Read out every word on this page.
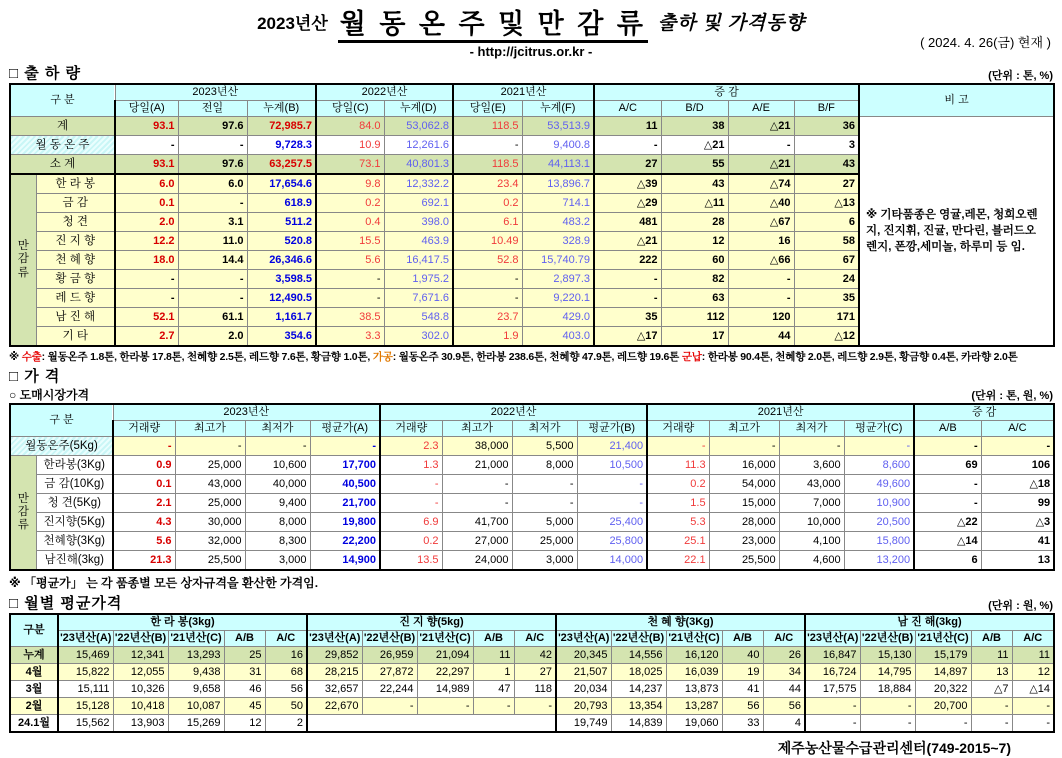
2023년산 월 동 온 주 및 만 감 류 출하 및 가격동향
- http://jcitrus.or.kr -
( 2024. 4. 26(금) 현재 )
□ 출 하 량	(단위 : 톤, %)
구 분		2023년산			2022년산		2021년산		증 감				비 고
		당일(A)	전일	누계(B)	당일(C)	누계(D)	당일(E)	누계(F)	A/C	B/D	A/E	B/F	
계		93.1	97.6	72,985.7	84.0	53,062.8	118.5	53,513.9	11	38	△21	36	※ 기타품종은 영귤,레몬, 청희오렌지, 진지휘, 진귤, 만다린, 블러드오렌지, 폰깡,세미놀, 하루미 등 임.
월 동 온 주		-	-	9,728.3	10.9	12,261.6	-	9,400.8	-	△21	-	3	
소 계		93.1	97.6	63,257.5	73.1	40,801.3	118.5	44,113.1	27	55	△21	43	
만
감
류	한 라 봉	6.0	6.0	17,654.6	9.8	12,332.2	23.4	13,896.7	△39	43	△74	27	
	금 감	0.1	-	618.9	0.2	692.1	0.2	714.1	△29	△11	△40	△13	
	청 견	2.0	3.1	511.2	0.4	398.0	6.1	483.2	481	28	△67	6	
	진 지 향	12.2	11.0	520.8	15.5	463.9	10.49	328.9	△21	12	16	58	
	천 혜 향	18.0	14.4	26,346.6	5.6	16,417.5	52.8	15,740.79	222	60	△66	67	
	황 금 향	-	-	3,598.5	-	1,975.2	-	2,897.3	-	82	-	24	
	레 드 향	-	-	12,490.5	-	7,671.6	-	9,220.1	-	63	-	35	
	남 진 해	52.1	61.1	1,161.7	38.5	548.8	23.7	429.0	35	112	120	171	
	기 타	2.7	2.0	354.6	3.3	302.0	1.9	403.0	△17	17	44	△12	
※ 수출: 월동온주 1.8톤, 한라봉 17.8톤, 천혜향 2.5톤, 레드향 7.6톤, 황금향 1.0톤, 가공: 월동온주 30.9톤, 한라봉 238.6톤, 천혜향 47.9톤, 레드향 19.6톤 군납: 한라봉 90.4톤, 천혜향 2.0톤, 레드향 2.9톤, 황금향 0.4톤, 카라향 2.0톤
□ 가 격
○ 도매시장가격	(단위 : 톤, 원, %)
구 분		2023년산				2022년산				2021년산				증 감	
		거래량	최고가	최저가	평균가(A)	거래량	최고가	최저가	평균가(B)	거래량	최고가	최저가	평균가(C)	A/B	A/C
월동온주(5Kg)		-	-	-	-	2.3	38,000	5,500	21,400	-	-	-	-	-	-
만
감
류	한라봉(3Kg)	0.9	25,000	10,600	17,700	1.3	21,000	8,000	10,500	11.3	16,000	3,600	8,600	69	106
	금 감(10Kg)	0.1	43,000	40,000	40,500	-	-	-	-	0.2	54,000	43,000	49,600	-	△18
	청 견(5Kg)	2.1	25,000	9,400	21,700	-	-	-	-	1.5	15,000	7,000	10,900	-	99
	진지향(5Kg)	4.3	30,000	8,000	19,800	6.9	41,700	5,000	25,400	5.3	28,000	10,000	20,500	△22	△3
	천혜향(3Kg)	5.6	32,000	8,300	22,200	0.2	27,000	25,000	25,800	25.1	23,000	4,100	15,800	△14	41
	남진해(3kg)	21.3	25,500	3,000	14,900	13.5	24,000	3,000	14,000	22.1	25,500	4,600	13,200	6	13
※ 「평균가」 는 각 품종별 모든 상자규격을 환산한 가격임.
□ 월별 평균가격	(단위 : 원, %)
구분	한 라 봉(3kg)					진 지 향(5kg)					천 혜 향(3Kg)					남 진 해(3kg)				
	'23년산(A)	'22년산(B)	'21년산(C)	A/B	A/C	'23년산(A)	'22년산(B)	'21년산(C)	A/B	A/C	'23년산(A)	'22년산(B)	'21년산(C)	A/B	A/C	'23년산(A)	'22년산(B)	'21년산(C)	A/B	A/C
누계	15,469	12,341	13,293	25	16	29,852	26,959	21,094	11	42	20,345	14,556	16,120	40	26	16,847	15,130	15,179	11	11
4월	15,822	12,055	9,438	31	68	28,215	27,872	22,297	1	27	21,507	18,025	16,039	19	34	16,724	14,795	14,897	13	12
3월	15,111	10,326	9,658	46	56	32,657	22,244	14,989	47	118	20,034	14,237	13,873	41	44	17,575	18,884	20,322	△7	△14
2월	15,128	10,418	10,087	45	50	22,670	-	-	-	-	20,793	13,354	13,287	56	56	-	-	20,700	-	-
24.1월	15,562	13,903	15,269	12	2						19,749	14,839	19,060	33	4	-	-	-	-	-
제주농산물수급관리센터(749-2015~7)
